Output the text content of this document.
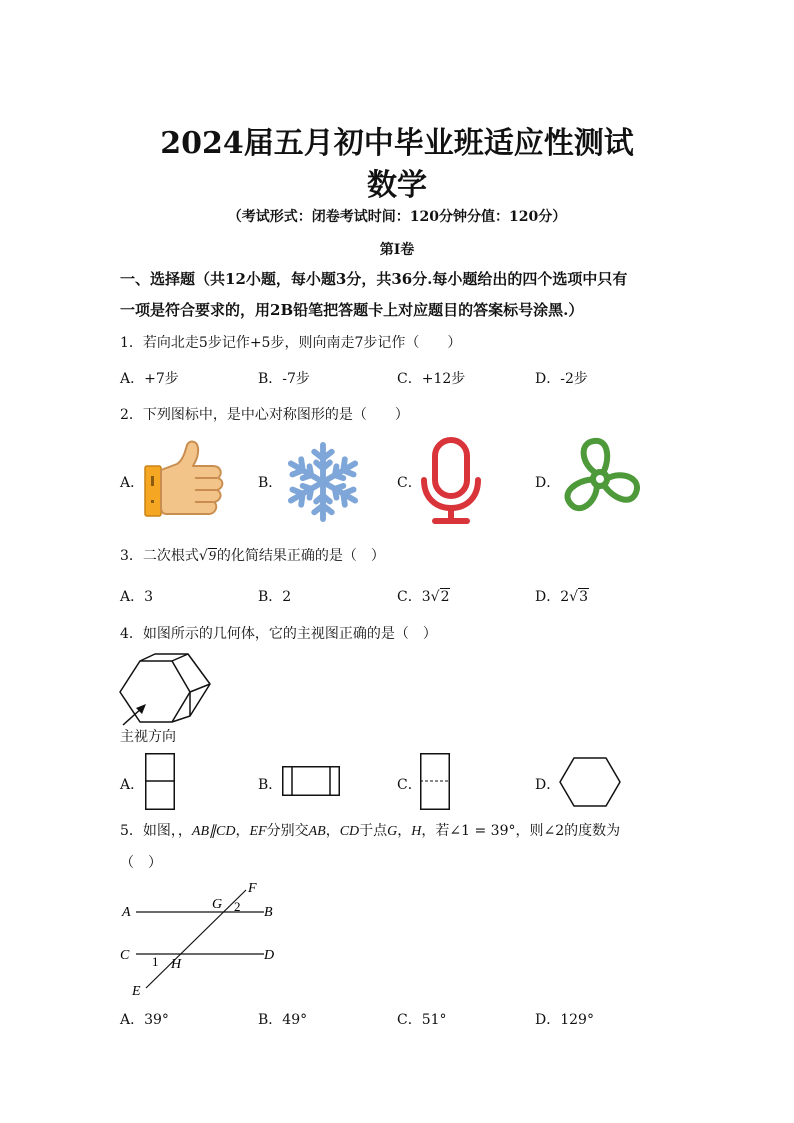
2024届五月初中毕业班适应性测试
数学
（考试形式：闭卷考试时间：120分钟分值：120分）
第Ⅰ卷
一、选择题（共12小题，每小题3分，共36分.每小题给出的四个选项中只有
一项是符合要求的，用2B铅笔把答题卡上对应题目的答案标号涂黑.）
1．若向北走5步记作+5步，则向南走7步记作（　　）
A．+7步	B．-7步	C．+12步	D．-2步
2．下列图标中，是中心对称图形的是（　　）
A．	B．	C．	D．
3．二次根式√9的化简结果正确的是（　）
A．3	B．2	C．3√2	D．2√3
4．如图所示的几何体，它的主视图正确的是（　）
主视方向
A．	B．	C．	D．
5．如图，，AB∥CD，EF分别交AB，CD于点G，H，若∠1 = 39°，则∠2的度数为
（　）
A	B
C	D
E
F
G
H
1
2
A．39°	B．49°	C．51°	D．129°
